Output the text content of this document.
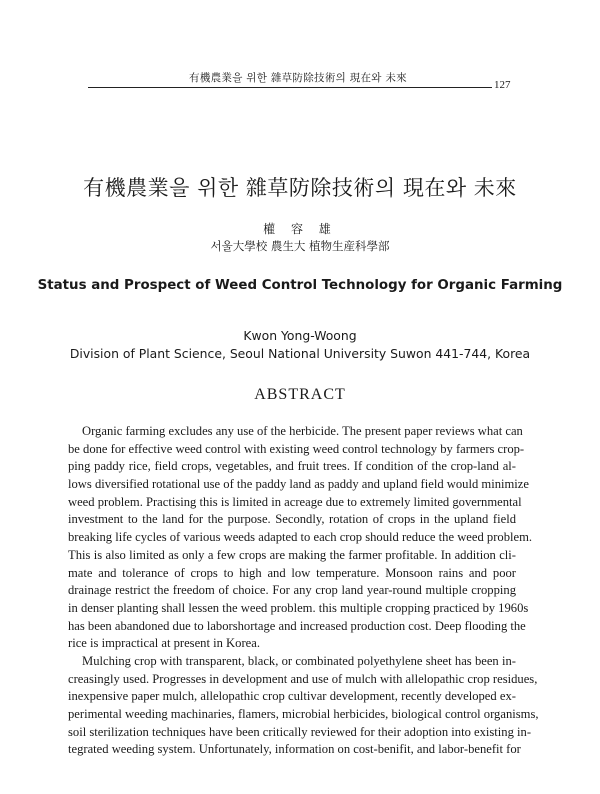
有機農業을 위한 雜草防除技術의 現在와 未來
127
有機農業을 위한 雜草防除技術의 現在와 未來
權 容 雄
서울大學校 農生大 植物生産科學部
Status and Prospect of Weed Control Technology for Organic Farming
Kwon Yong-Woong
Division of Plant Science, Seoul National University Suwon 441-744, Korea
ABSTRACT
Organic farming excludes any use of the herbicide. The present paper reviews what can
be done for effective weed control with existing weed control technology by farmers crop-
ping paddy rice, field crops, vegetables, and fruit trees. If condition of the crop-land al-
lows diversified rotational use of the paddy land as paddy and upland field would minimize
weed problem. Practising this is limited in acreage due to extremely limited governmental
investment to the land for the purpose. Secondly, rotation of crops in the upland field
breaking life cycles of various weeds adapted to each crop should reduce the weed problem.
This is also limited as only a few crops are making the farmer profitable. In addition cli-
mate and tolerance of crops to high and low temperature. Monsoon rains and poor
drainage restrict the freedom of choice. For any crop land year-round multiple cropping
in denser planting shall lessen the weed problem. this multiple cropping practiced by 1960s
has been abandoned due to laborshortage and increased production cost. Deep flooding the
rice is impractical at present in Korea.
Mulching crop with transparent, black, or combinated polyethylene sheet has been in-
creasingly used. Progresses in development and use of mulch with allelopathic crop residues,
inexpensive paper mulch, allelopathic crop cultivar development, recently developed ex-
perimental weeding machinaries, flamers, microbial herbicides, biological control organisms,
soil sterilization techniques have been critically reviewed for their adoption into existing in-
tegrated weeding system. Unfortunately, information on cost-benifit, and labor-benefit for
